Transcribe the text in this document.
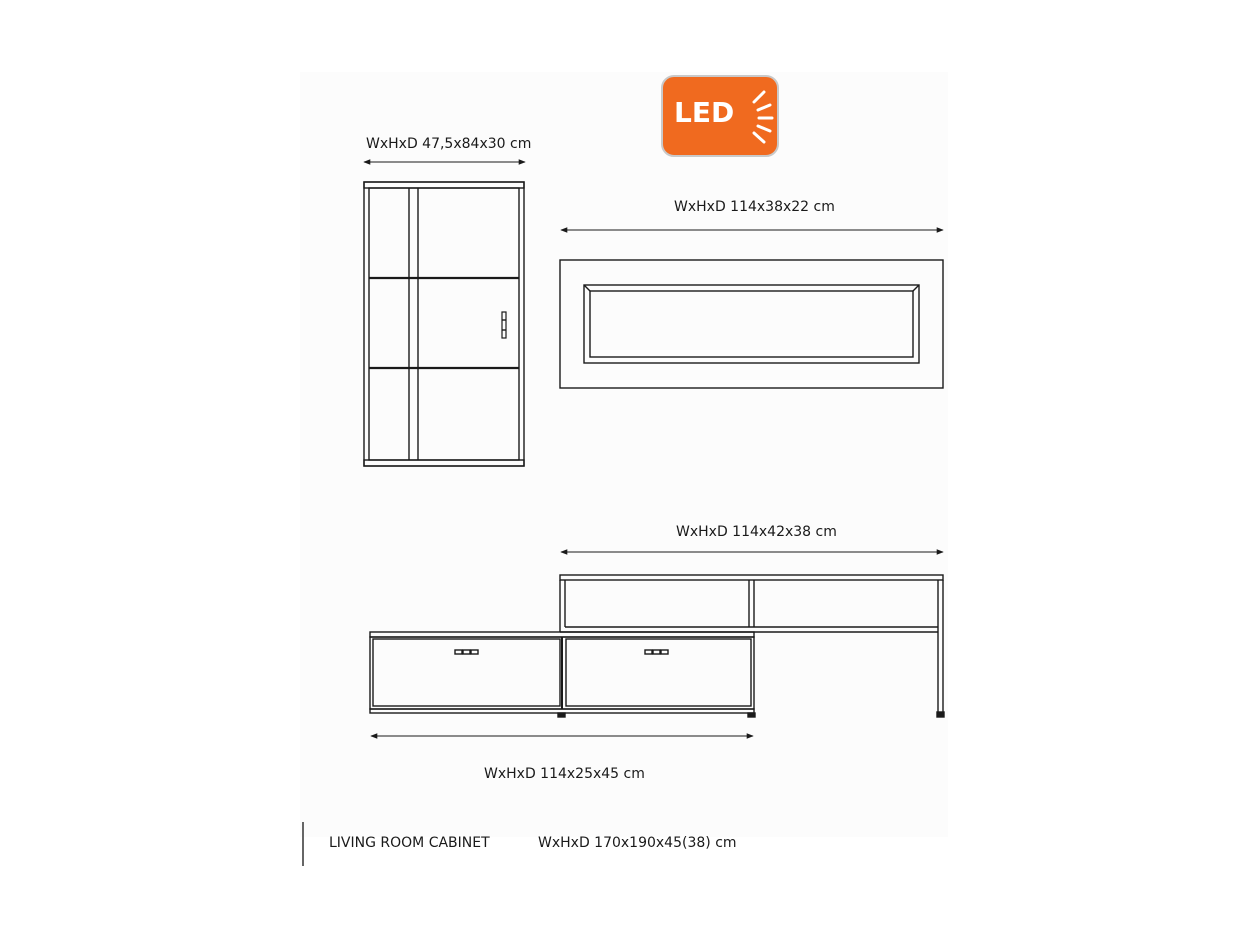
LED
WxHxD 47,5x84x30 cm
WxHxD 114x38x22 cm
WxHxD 114x42x38 cm
WxHxD 114x25x45 cm
LIVING ROOM CABINET	WxHxD 170x190x45(38) cm
